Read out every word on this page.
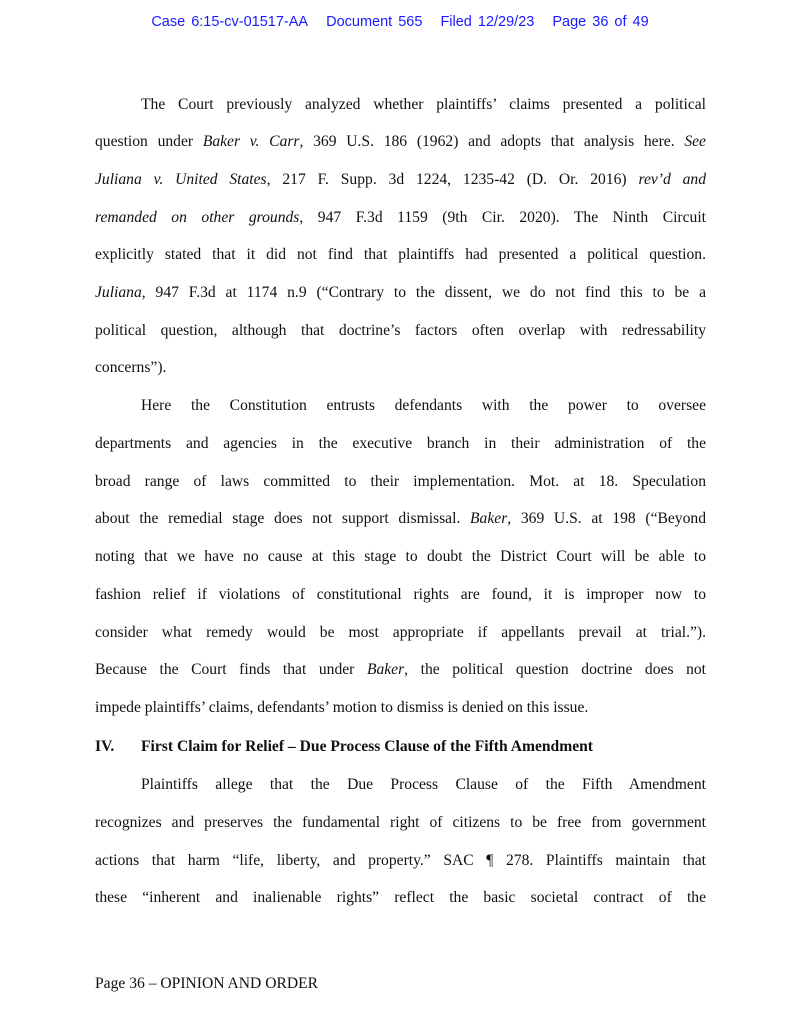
Case 6:15-cv-01517-AA Document 565 Filed 12/29/23 Page 36 of 49
The Court previously analyzed whether plaintiffs’ claims presented a political
question under Baker v. Carr, 369 U.S. 186 (1962) and adopts that analysis here. See
Juliana v. United States, 217 F. Supp. 3d 1224, 1235-42 (D. Or. 2016) rev’d and
remanded on other grounds, 947 F.3d 1159 (9th Cir. 2020). The Ninth Circuit
explicitly stated that it did not find that plaintiffs had presented a political question.
Juliana, 947 F.3d at 1174 n.9 (“Contrary to the dissent, we do not find this to be a
political question, although that doctrine’s factors often overlap with redressability
concerns”).
Here the Constitution entrusts defendants with the power to oversee
departments and agencies in the executive branch in their administration of the
broad range of laws committed to their implementation. Mot. at 18. Speculation
about the remedial stage does not support dismissal. Baker, 369 U.S. at 198 (“Beyond
noting that we have no cause at this stage to doubt the District Court will be able to
fashion relief if violations of constitutional rights are found, it is improper now to
consider what remedy would be most appropriate if appellants prevail at trial.”).
Because the Court finds that under Baker, the political question doctrine does not
impede plaintiffs’ claims, defendants’ motion to dismiss is denied on this issue.
Plaintiffs allege that the Due Process Clause of the Fifth Amendment
recognizes and preserves the fundamental right of citizens to be free from government
actions that harm “life, liberty, and property.” SAC ¶ 278. Plaintiffs maintain that
these “inherent and inalienable rights” reflect the basic societal contract of the
IV. First Claim for Relief – Due Process Clause of the Fifth Amendment
Page 36 – OPINION AND ORDER
